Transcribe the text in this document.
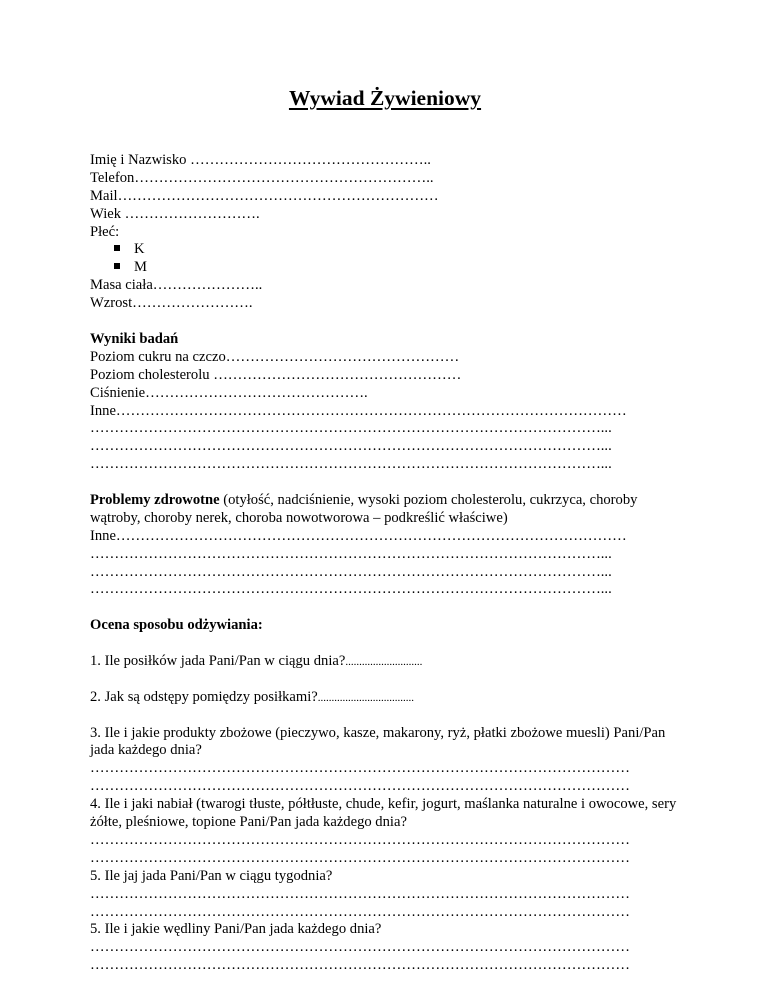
Wywiad Żywieniowy
Imię i Nazwisko …………………………………………..
Telefon……………………………………………………..
Mail…………………………………………………………
Wiek ……………………….
Płeć:
K
M
Masa ciała…………………..
Wzrost…………………….
Wyniki badań
Poziom cukru na czczo…………………………………………
Poziom cholesterolu ……………………………………………
Ciśnienie……………………………………….
Inne……………………………………………………………………………………………
……………………………………………………………………………………………...
……………………………………………………………………………………………...
……………………………………………………………………………………………...
Problemy zdrowotne (otyłość, nadciśnienie, wysoki poziom cholesterolu, cukrzyca, choroby wątroby, choroby nerek, choroba nowotworowa – podkreślić właściwe)
Inne……………………………………………………………………………………………
……………………………………………………………………………………………...
……………………………………………………………………………………………...
……………………………………………………………………………………………...
Ocena sposobu odżywiania:
1. Ile posiłków jada Pani/Pan w ciągu dnia?............................
2. Jak są odstępy pomiędzy posiłkami?...................................
3. Ile i jakie produkty zbożowe (pieczywo, kasze, makarony, ryż, płatki zbożowe muesli) Pani/Pan jada każdego dnia?
…………………………………………………………………………………………………
…………………………………………………………………………………………………
4. Ile i jaki nabiał (twarogi tłuste, półtłuste, chude, kefir, jogurt, maślanka naturalne i owocowe, sery żółte, pleśniowe, topione Pani/Pan jada każdego dnia?
…………………………………………………………………………………………………
…………………………………………………………………………………………………
5. Ile jaj jada Pani/Pan w ciągu tygodnia?
…………………………………………………………………………………………………
…………………………………………………………………………………………………
5. Ile i jakie wędliny Pani/Pan jada każdego dnia?
…………………………………………………………………………………………………
…………………………………………………………………………………………………
